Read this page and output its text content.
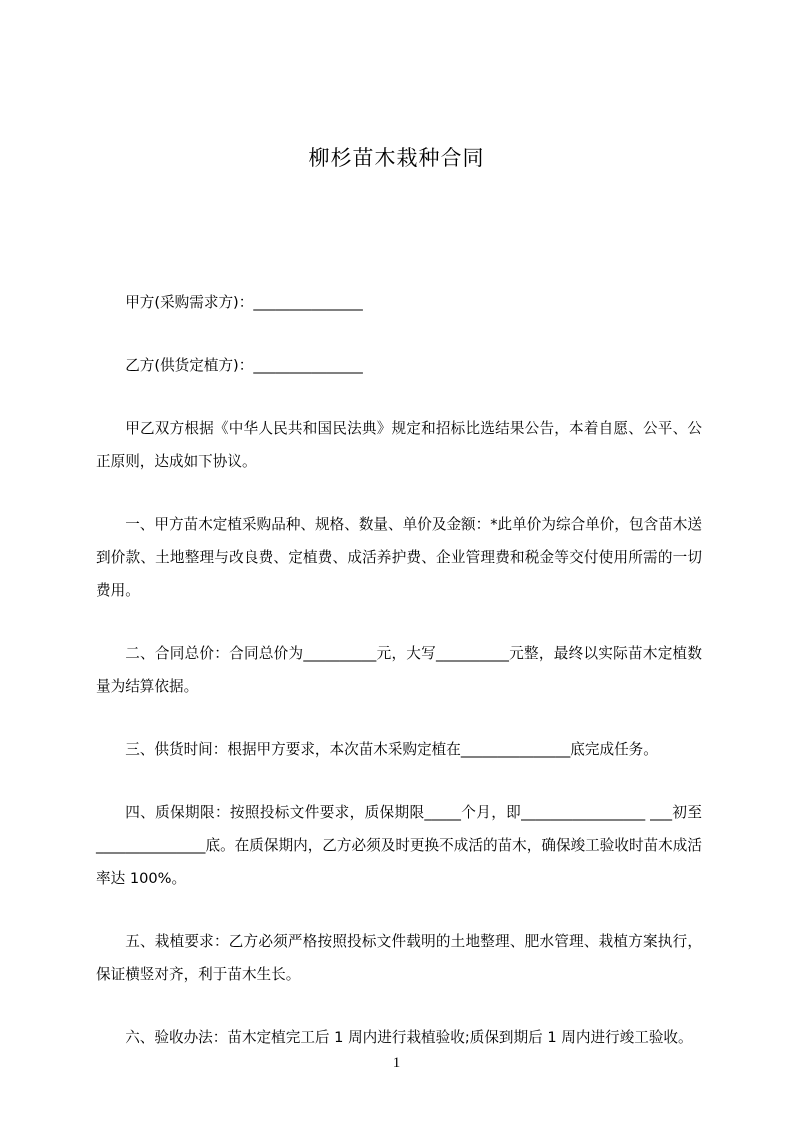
柳杉苗木栽种合同

甲方(采购需求方)：_______________

乙方(供货定植方)：_______________

甲乙双方根据《中华人民共和国民法典》规定和招标比选结果公告，本着自愿、公平、公正原则，达成如下协议。

一、甲方苗木定植采购品种、规格、数量、单价及金额：*此单价为综合单价，包含苗木送到价款、土地整理与改良费、定植费、成活养护费、企业管理费和税金等交付使用所需的一切费用。

二、合同总价：合同总价为__________元，大写__________元整，最终以实际苗木定植数量为结算依据。

三、供货时间：根据甲方要求，本次苗木采购定植在_______________底完成任务。

四、质保期限：按照投标文件要求，质保期限_____个月，即_________________ ___初至_______________底。在质保期内，乙方必须及时更换不成活的苗木，确保竣工验收时苗木成活率达 100%。

五、栽植要求：乙方必须严格按照投标文件载明的土地整理、肥水管理、栽植方案执行，保证横竖对齐，利于苗木生长。

六、验收办法：苗木定植完工后 1 周内进行栽植验收;质保到期后 1 周内进行竣工验收。

1
